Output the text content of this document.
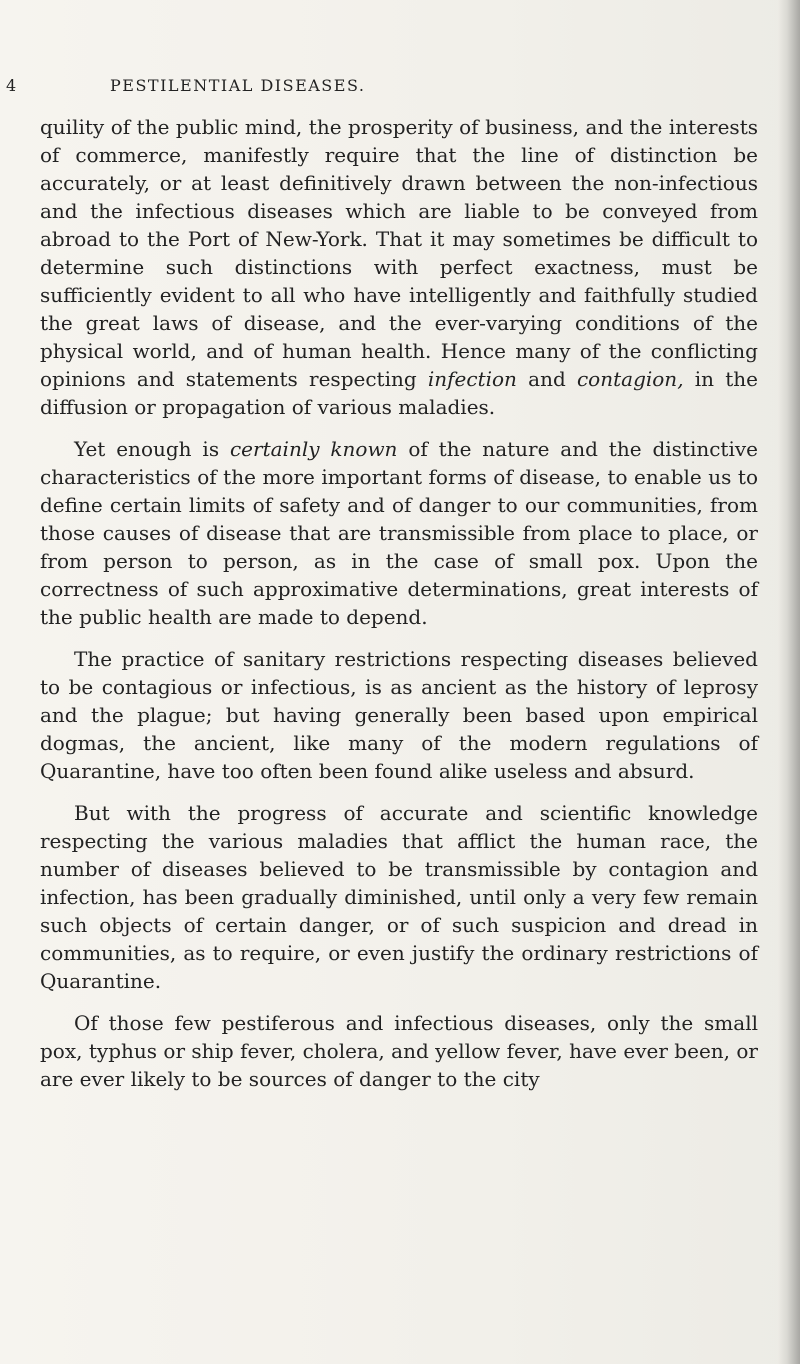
4	PESTILENTIAL DISEASES.

quility of the public mind, the prosperity of business, and the interests of commerce, manifestly require that the line of distinction be accurately, or at least definitively drawn between the non-infectious and the infectious diseases which are liable to be conveyed from abroad to the Port of New-York. That it may sometimes be difficult to determine such distinctions with perfect exactness, must be sufficiently evident to all who have intelligently and faithfully studied the great laws of disease, and the ever-varying conditions of the physical world, and of human health. Hence many of the conflicting opinions and statements respecting infection and contagion, in the diffusion or propagation of various maladies.

Yet enough is certainly known of the nature and the distinctive characteristics of the more important forms of disease, to enable us to define certain limits of safety and of danger to our communities, from those causes of disease that are transmissible from place to place, or from person to person, as in the case of small pox. Upon the correctness of such approximative determinations, great interests of the public health are made to depend.

The practice of sanitary restrictions respecting diseases believed to be contagious or infectious, is as ancient as the history of leprosy and the plague; but having generally been based upon empirical dogmas, the ancient, like many of the modern regulations of Quarantine, have too often been found alike useless and absurd.

But with the progress of accurate and scientific knowledge respecting the various maladies that afflict the human race, the number of diseases believed to be transmissible by contagion and infection, has been gradually diminished, until only a very few remain such objects of certain danger, or of such suspicion and dread in communities, as to require, or even justify the ordinary restrictions of Quarantine.

Of those few pestiferous and infectious diseases, only the small pox, typhus or ship fever, cholera, and yellow fever, have ever been, or are ever likely to be sources of danger to the city
